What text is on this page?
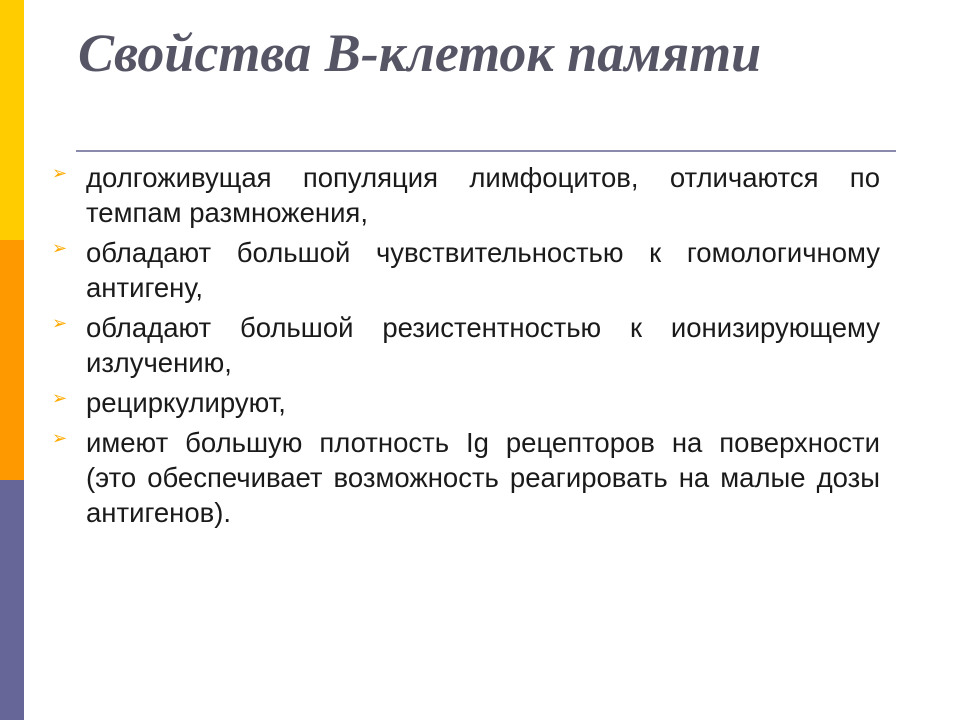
Свойства В-клеток памяти
➢ долгоживущая популяция лимфоцитов, отличаются по темпам размножения,
➢ обладают большой чувствительностью к гомологичному антигену,
➢ обладают большой резистентностью к ионизирующему излучению,
➢ рециркулируют,
➢ имеют большую плотность Ig рецепторов на поверхности (это обеспечивает возможность реагировать на малые дозы антигенов).
